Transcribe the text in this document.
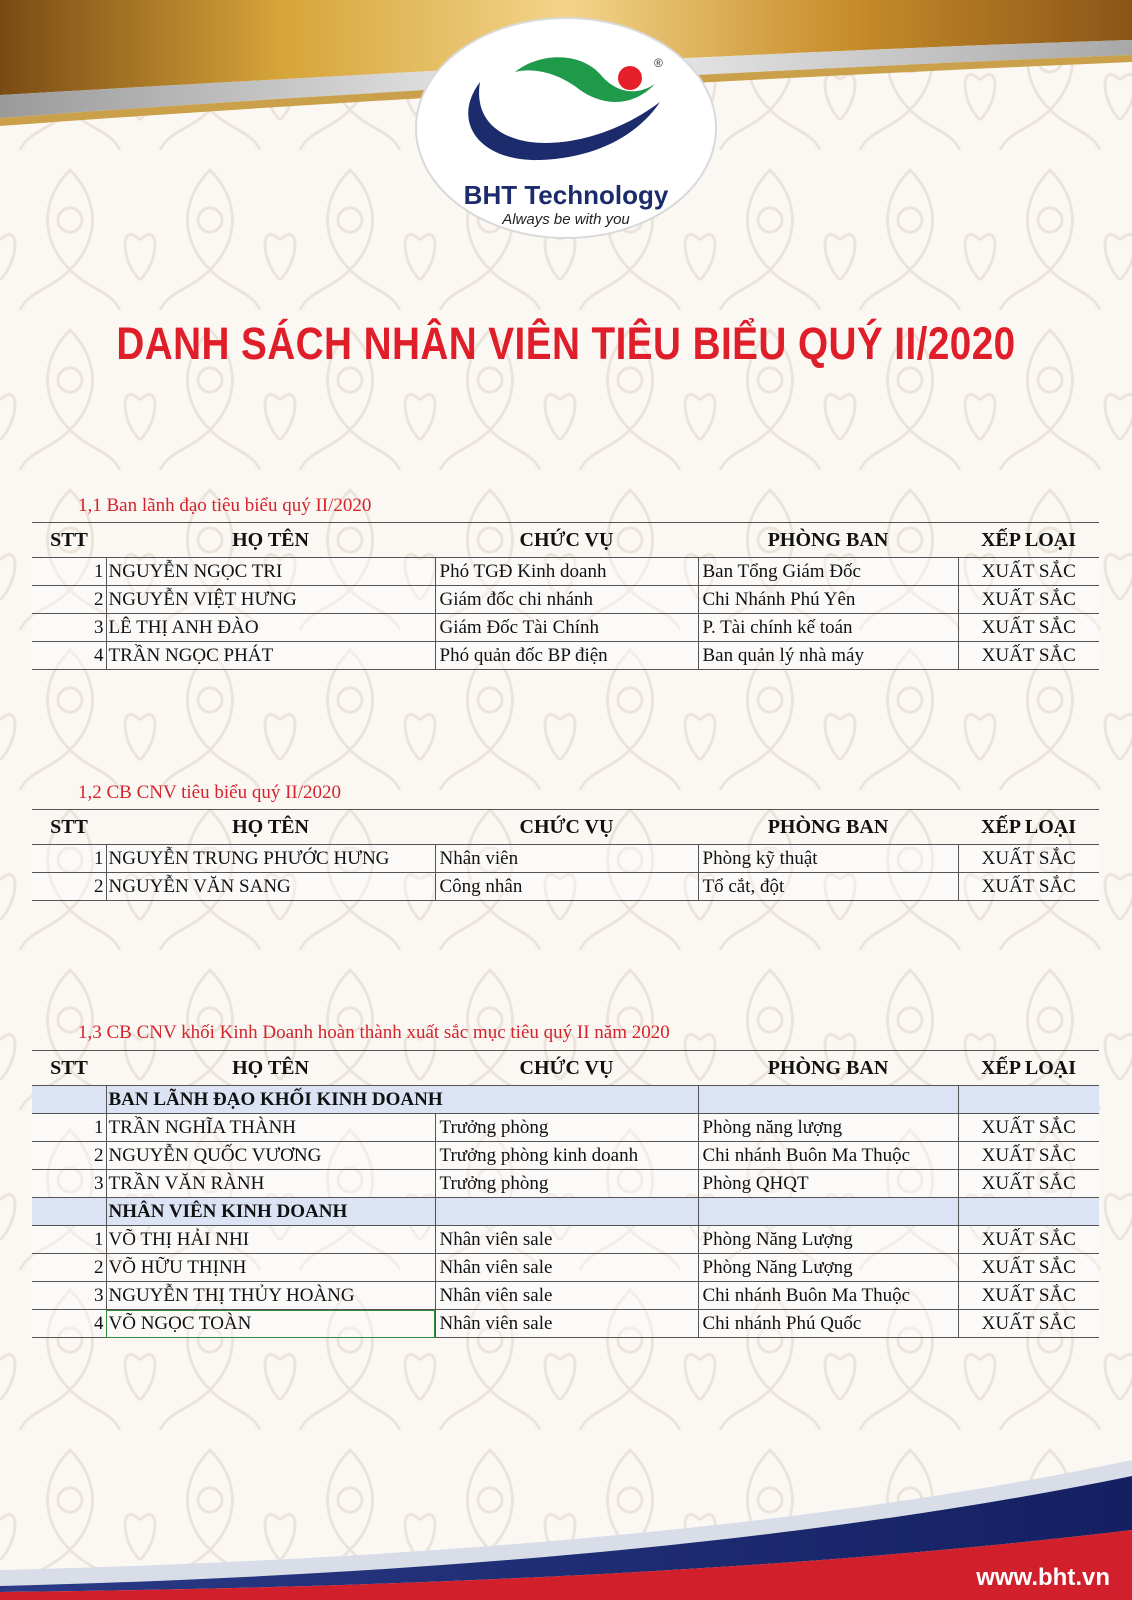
BHT Technology
Always be with you
®
DANH SÁCH NHÂN VIÊN TIÊU BIỂU QUÝ II/2020
1,1 Ban lãnh đạo tiêu biểu quý II/2020
STT	HỌ TÊN	CHỨC VỤ	PHÒNG BAN	XẾP LOẠI
1	NGUYỄN NGỌC TRI	Phó TGĐ Kinh doanh	Ban Tổng Giám Đốc	XUẤT SẮC
2	NGUYỄN VIỆT HƯNG	Giám đốc chi nhánh	Chi Nhánh Phú Yên	XUẤT SẮC
3	LÊ THỊ ANH ĐÀO	Giám Đốc Tài Chính	P. Tài chính kế toán	XUẤT SẮC
4	TRẦN NGỌC PHÁT	Phó quản đốc BP điện	Ban quản lý nhà máy	XUẤT SẮC
1,2 CB CNV tiêu biểu quý II/2020
STT	HỌ TÊN	CHỨC VỤ	PHÒNG BAN	XẾP LOẠI
1	NGUYỄN TRUNG PHƯỚC HƯNG	Nhân viên	Phòng kỹ thuật	XUẤT SẮC
2	NGUYỄN VĂN SANG	Công nhân	Tổ cắt, đột	XUẤT SẮC
1,3 CB CNV khối Kinh Doanh hoàn thành xuất sắc mục tiêu quý II năm 2020
STT	HỌ TÊN	CHỨC VỤ	PHÒNG BAN	XẾP LOẠI
	BAN LÃNH ĐẠO KHỐI KINH DOANH			
1	TRẦN NGHĨA THÀNH	Trưởng phòng	Phòng năng lượng	XUẤT SẮC
2	NGUYỄN QUỐC VƯƠNG	Trưởng phòng kinh doanh	Chi nhánh Buôn Ma Thuộc	XUẤT SẮC
3	TRẦN VĂN RÀNH	Trưởng phòng	Phòng QHQT	XUẤT SẮC
	NHÂN VIÊN KINH DOANH			
1	VÕ THỊ HẢI NHI	Nhân viên sale	Phòng Năng Lượng	XUẤT SẮC
2	VÕ HỮU THỊNH	Nhân viên sale	Phòng Năng Lượng	XUẤT SẮC
3	NGUYỄN THỊ THỦY HOÀNG	Nhân viên sale	Chi nhánh Buôn Ma Thuộc	XUẤT SẮC
4	VÕ NGỌC TOÀN	Nhân viên sale	Chi nhánh Phú Quốc	XUẤT SẮC
www.bht.vn
